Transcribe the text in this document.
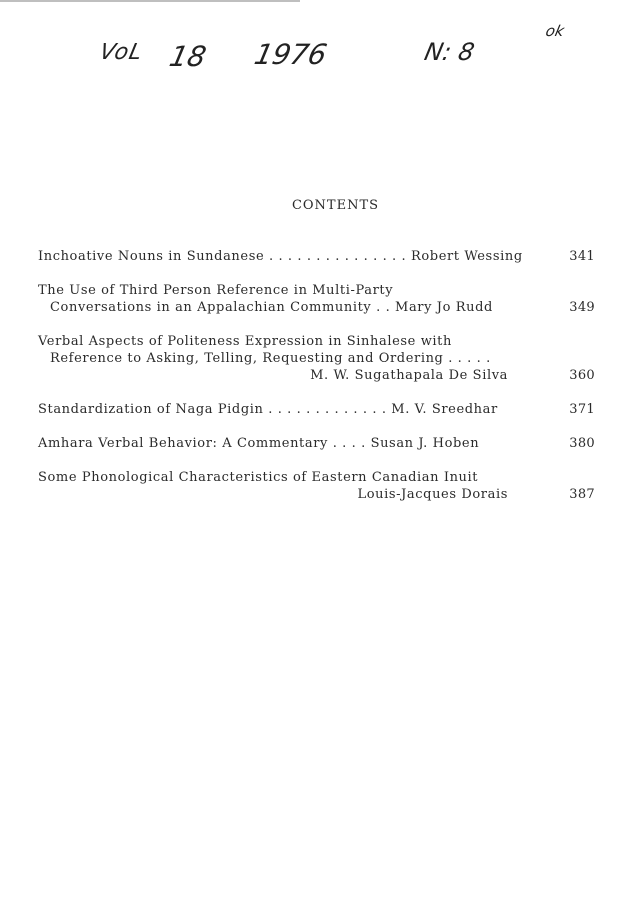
VoL 18 1976	N: 8
ok
CONTENTS
Inchoative Nouns in Sundanese . . . . . . . . . . . . . . . Robert Wessing	341
The Use of Third Person Reference in Multi-Party
Conversations in an Appalachian Community . . Mary Jo Rudd	349
Verbal Aspects of Politeness Expression in Sinhalese with
Reference to Asking, Telling, Requesting and Ordering . . . . .
M. W. Sugathapala De Silva	360
Standardization of Naga Pidgin . . . . . . . . . . . . . M. V. Sreedhar	371
Amhara Verbal Behavior: A Commentary . . . . Susan J. Hoben	380
Some Phonological Characteristics of Eastern Canadian Inuit
Louis-Jacques Dorais	387
